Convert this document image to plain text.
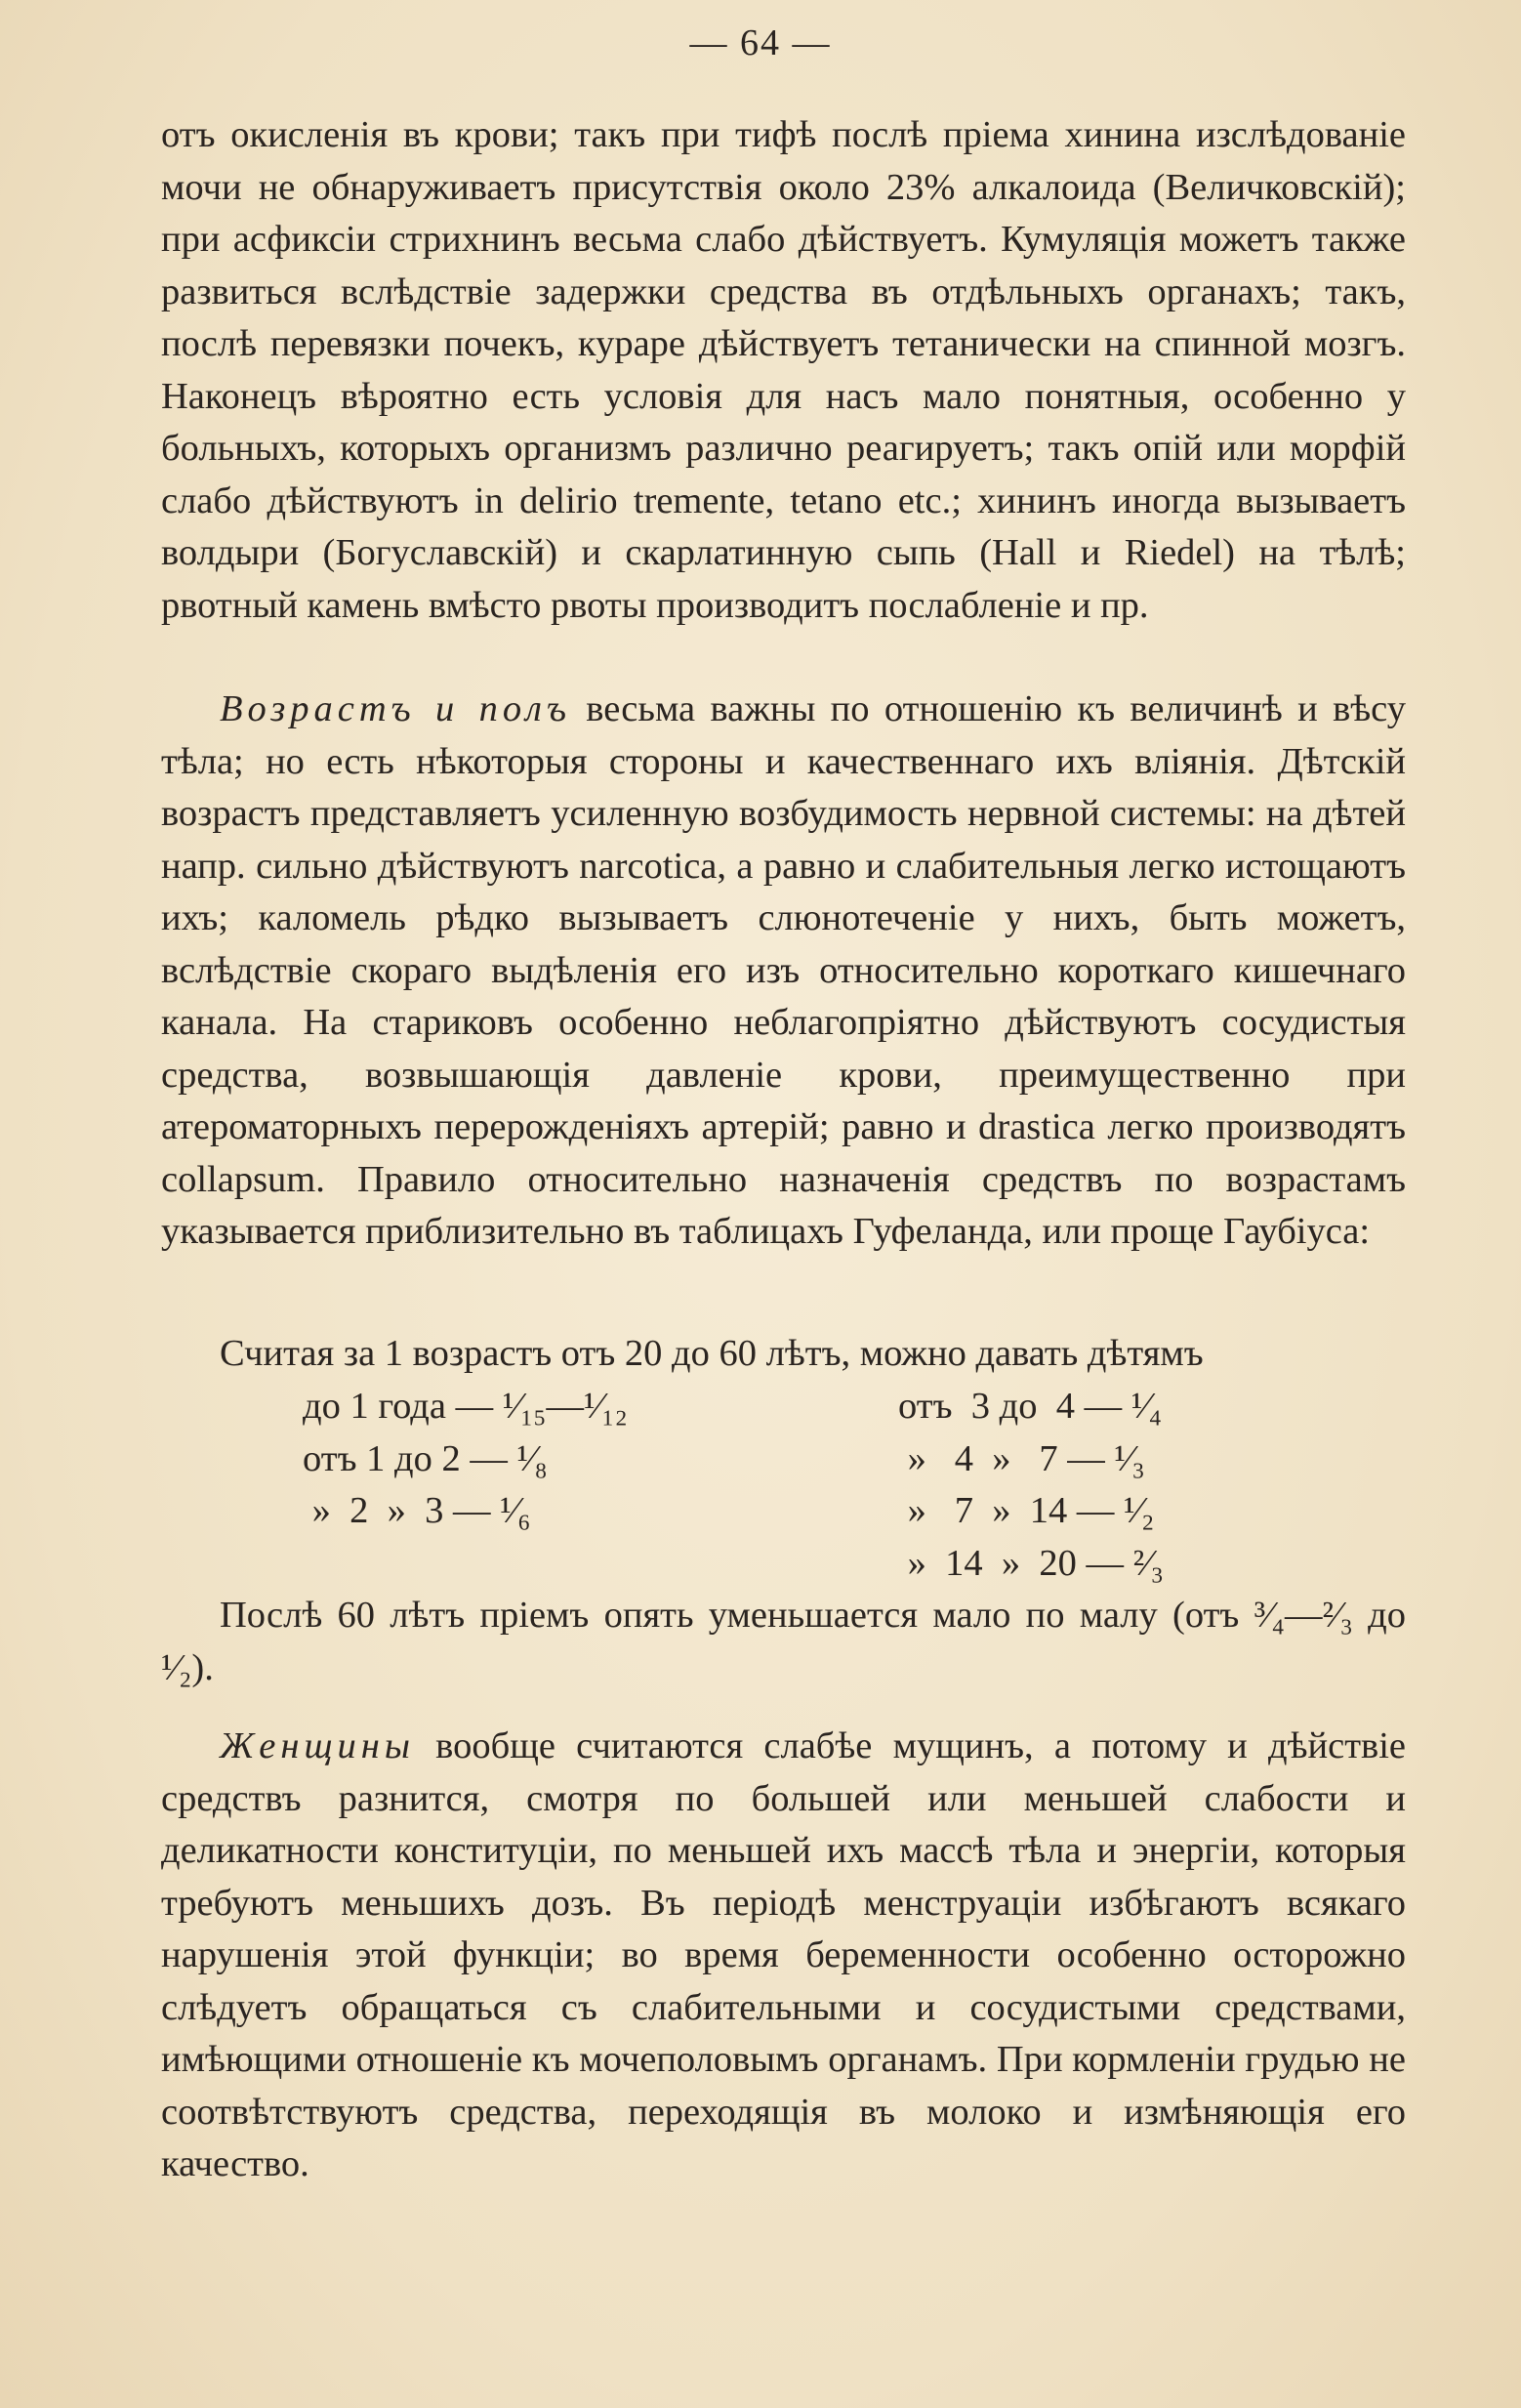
— 64 —

отъ окисленія въ крови; такъ при тифѣ послѣ пріема хинина изслѣдованіе мочи не обнаруживаетъ присутствія около 23% алкалоида (Величковскій); при асфиксіи стрихнинъ весьма слабо дѣйствуетъ. Кумуляція можетъ также развиться вслѣдствіе задержки средства въ отдѣльныхъ органахъ; такъ, послѣ перевязки почекъ, кураре дѣйствуетъ тетанически на спинной мозгъ. Наконецъ вѣроятно есть условія для насъ мало понятныя, особенно у больныхъ, которыхъ организмъ различно реагируетъ; такъ опій или морфій слабо дѣйствуютъ in delirio tremente, tetano etc.; хининъ иногда вызываетъ волдыри (Богуславскій) и скарлатинную сыпь (Hall и Riedel) на тѣлѣ; рвотный камень вмѣсто рвоты производитъ послабленіе и пр.

Возрастъ и полъ весьма важны по отношенію къ величинѣ и вѣсу тѣла; но есть нѣкоторыя стороны и качественнаго ихъ вліянія. Дѣтскій возрастъ представляетъ усиленную возбудимость нервной системы: на дѣтей напр. сильно дѣйствуютъ narcotica, а равно и слабительныя легко истощаютъ ихъ; каломель рѣдко вызываетъ слюнотеченіе у нихъ, быть можетъ, вслѣдствіе скораго выдѣленія его изъ относительно короткаго кишечнаго канала. На стариковъ особенно неблагопріятно дѣйствуютъ сосудистыя средства, возвышающія давленіе крови, преимущественно при атероматорныхъ перерожденіяхъ артерій; равно и drastica легко производятъ collapsum. Правило относительно назначенія средствъ по возрастамъ указывается приблизительно въ таблицахъ Гуфеланда, или проще Гаубіуса:

Считая за 1 возрастъ отъ 20 до 60 лѣтъ, можно давать дѣтямъ

до 1 года — ¹⁄₁₅—¹⁄₁₂
отъ 1 до 2 — ¹⁄₈
»  2  »  3 — ¹⁄₆
отъ  3 до  4 — ¹⁄₄
»   4  »   7 — ¹⁄₃
»   7  »  14 — ¹⁄₂
»  14  »  20 — ²⁄₃

Послѣ 60 лѣтъ пріемъ опять уменьшается мало по малу (отъ ³⁄₄—²⁄₃ до ¹⁄₂).

Женщины вообще считаются слабѣе мущинъ, а потому и дѣйствіе средствъ разнится, смотря по большей или меньшей слабости и деликатности конституціи, по меньшей ихъ массѣ тѣла и энергіи, которыя требуютъ меньшихъ дозъ. Въ періодѣ менструаціи избѣгаютъ всякаго нарушенія этой функціи; во время беременности особенно осторожно слѣдуетъ обращаться съ слабительными и сосудистыми средствами, имѣющими отношеніе къ мочеполовымъ органамъ. При кормленіи грудью не соотвѣтствуютъ средства, переходящія въ молоко и измѣняющія его качество.
